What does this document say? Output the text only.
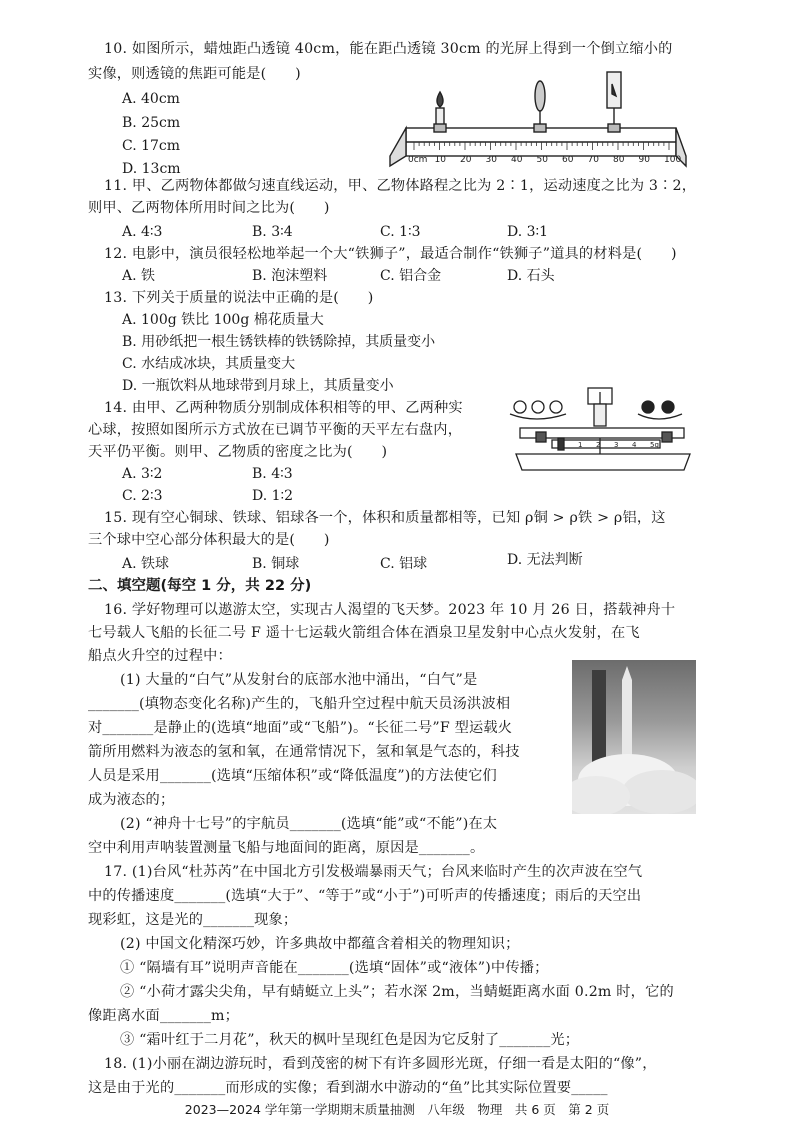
10. 如图所示，蜡烛距凸透镜 40cm，能在距凸透镜 30cm 的光屏上得到一个倒立缩小的
实像，则透镜的焦距可能是(　　)
A. 40cm
B. 25cm
C. 17cm
D. 13cm
0cm 10 20 30 40 50 60 70 80 90 100
11. 甲、乙两物体都做匀速直线运动，甲、乙物体路程之比为 2∶1，运动速度之比为 3∶2，
则甲、乙两物体所用时间之比为(　　)
A. 4∶3	B. 3∶4	C. 1∶3	D. 3∶1
12. 电影中，演员很轻松地举起一个大“铁狮子”，最适合制作“铁狮子”道具的材料是(　　)
A. 铁	B. 泡沫塑料	C. 铝合金	D. 石头
13. 下列关于质量的说法中正确的是(　　)
A. 100g 铁比 100g 棉花质量大
B. 用砂纸把一根生锈铁棒的铁锈除掉，其质量变小
C. 水结成冰块，其质量变大
D. 一瓶饮料从地球带到月球上，其质量变小
14. 由甲、乙两种物质分别制成体积相等的甲、乙两种实
心球，按照如图所示方式放在已调节平衡的天平左右盘内，
天平仍平衡。则甲、乙物质的密度之比为(　　)
A. 3∶2	B. 4∶3
C. 2∶3	D. 1∶2
1 2 3 4 5g
15. 现有空心铜球、铁球、铝球各一个，体积和质量都相等，已知 ρ铜 > ρ铁 > ρ铝，这
三个球中空心部分体积最大的是(　　)
A. 铁球	B. 铜球	C. 铝球	D. 无法判断
二、填空题(每空 1 分，共 22 分)
16. 学好物理可以遨游太空，实现古人渴望的飞天梦。2023 年 10 月 26 日，搭载神舟十
七号载人飞船的长征二号 F 遥十七运载火箭组合体在酒泉卫星发射中心点火发射，在飞
船点火升空的过程中：
(1) 大量的“白气”从发射台的底部水池中涌出，“白气”是
_______(填物态变化名称)产生的，飞船升空过程中航天员汤洪波相
对_______是静止的(选填“地面”或“飞船”)。“长征二号”F 型运载火
箭所用燃料为液态的氢和氧，在通常情况下，氢和氧是气态的，科技
人员是采用_______(选填“压缩体积”或“降低温度”)的方法使它们
成为液态的；
(2) “神舟十七号”的宇航员_______(选填“能”或“不能”)在太
空中利用声呐装置测量飞船与地面间的距离，原因是_______。
17. (1)台风“杜苏芮”在中国北方引发极端暴雨天气；台风来临时产生的次声波在空气
中的传播速度_______(选填“大于”、“等于”或“小于”)可听声的传播速度；雨后的天空出
现彩虹，这是光的_______现象；
(2) 中国文化精深巧妙，许多典故中都蕴含着相关的物理知识；
① “隔墙有耳”说明声音能在_______(选填“固体”或“液体”)中传播；
② “小荷才露尖尖角，早有蜻蜓立上头”；若水深 2m，当蜻蜓距离水面 0.2m 时，它的
像距离水面_______m；
③ “霜叶红于二月花”，秋天的枫叶呈现红色是因为它反射了_______光；
18. (1)小丽在湖边游玩时，看到茂密的树下有许多圆形光斑，仔细一看是太阳的“像”，
这是由于光的_______而形成的实像；看到湖水中游动的“鱼”比其实际位置要_____
2023—2024 学年第一学期期末质量抽测　八年级　物理　共 6 页　第 2 页
